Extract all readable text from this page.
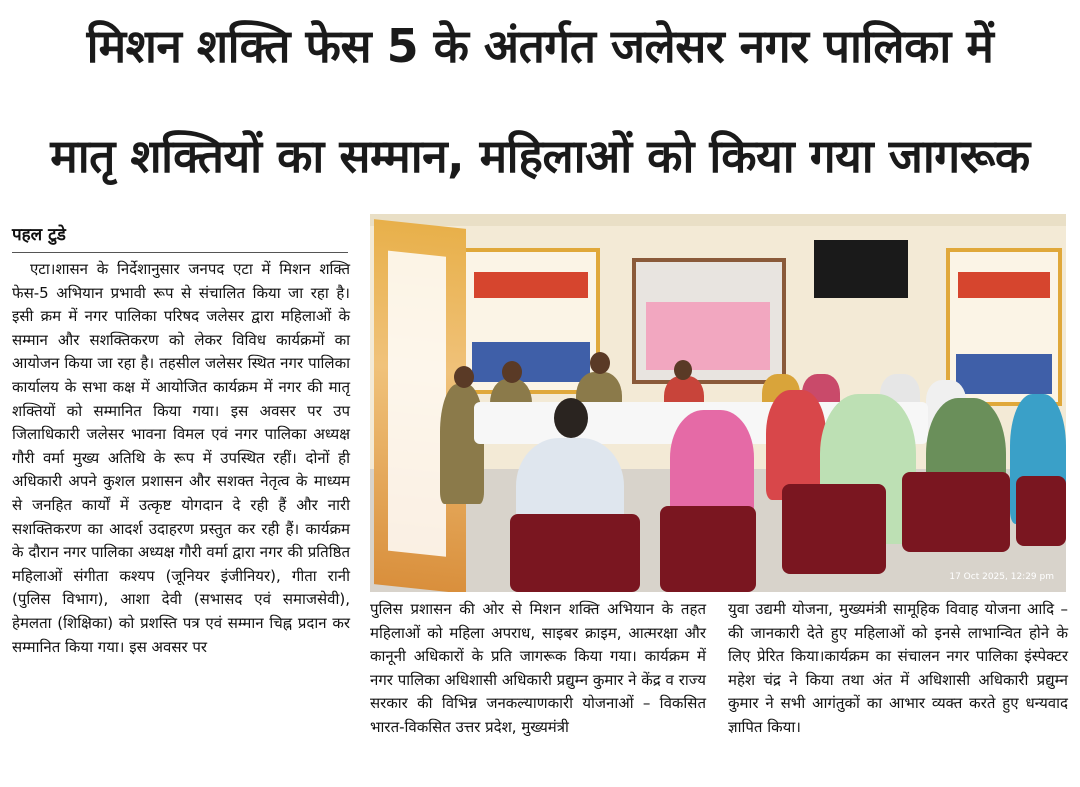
मिशन शक्ति फेस 5 के अंतर्गत जलेसर नगर पालिका में
मातृ शक्तियों का सम्मान, महिलाओं को किया गया जागरूक
पहल टुडे
एटा।शासन के निर्देशानुसार जनपद एटा में मिशन शक्ति फेस-5 अभियान प्रभावी रूप से संचालित किया जा रहा है। इसी क्रम में नगर पालिका परिषद जलेसर द्वारा महिलाओं के सम्मान और सशक्तिकरण को लेकर विविध कार्यक्रमों का आयोजन किया जा रहा है। तहसील जलेसर स्थित नगर पालिका कार्यालय के सभा कक्ष में आयोजित कार्यक्रम में नगर की मातृ शक्तियों को सम्मानित किया गया। इस अवसर पर उप जिलाधिकारी जलेसर भावना विमल एवं नगर पालिका अध्यक्ष गौरी वर्मा मुख्य अतिथि के रूप में उपस्थित रहीं। दोनों ही अधिकारी अपने कुशल प्रशासन और सशक्त नेतृत्व के माध्यम से जनहित कार्यों में उत्कृष्ट योगदान दे रही हैं और नारी सशक्तिकरण का आदर्श उदाहरण प्रस्तुत कर रही हैं। कार्यक्रम के दौरान नगर पालिका अध्यक्ष गौरी वर्मा द्वारा नगर की प्रतिष्ठित महिलाओं संगीता कश्यप (जूनियर इंजीनियर), गीता रानी (पुलिस विभाग), आशा देवी (सभासद एवं समाजसेवी), हेमलता (शिक्षिका) को प्रशस्ति पत्र एवं सम्मान चिह्न प्रदान कर सम्मानित किया गया। इस अवसर पर
17 Oct 2025, 12:29 pm
पुलिस प्रशासन की ओर से मिशन शक्ति अभियान के तहत महिलाओं को महिला अपराध, साइबर क्राइम, आत्मरक्षा और कानूनी अधिकारों के प्रति जागरूक किया गया। कार्यक्रम में नगर पालिका अधिशासी अधिकारी प्रद्युम्न कुमार ने केंद्र व राज्य सरकार की विभिन्न जनकल्याणकारी योजनाओं – विकसित भारत-विकसित उत्तर प्रदेश, मुख्यमंत्री
युवा उद्यमी योजना, मुख्यमंत्री सामूहिक विवाह योजना आदि – की जानकारी देते हुए महिलाओं को इनसे लाभान्वित होने के लिए प्रेरित किया।कार्यक्रम का संचालन नगर पालिका इंस्पेक्टर महेश चंद्र ने किया तथा अंत में अधिशासी अधिकारी प्रद्युम्न कुमार ने सभी आगंतुकों का आभार व्यक्त करते हुए धन्यवाद ज्ञापित किया।
